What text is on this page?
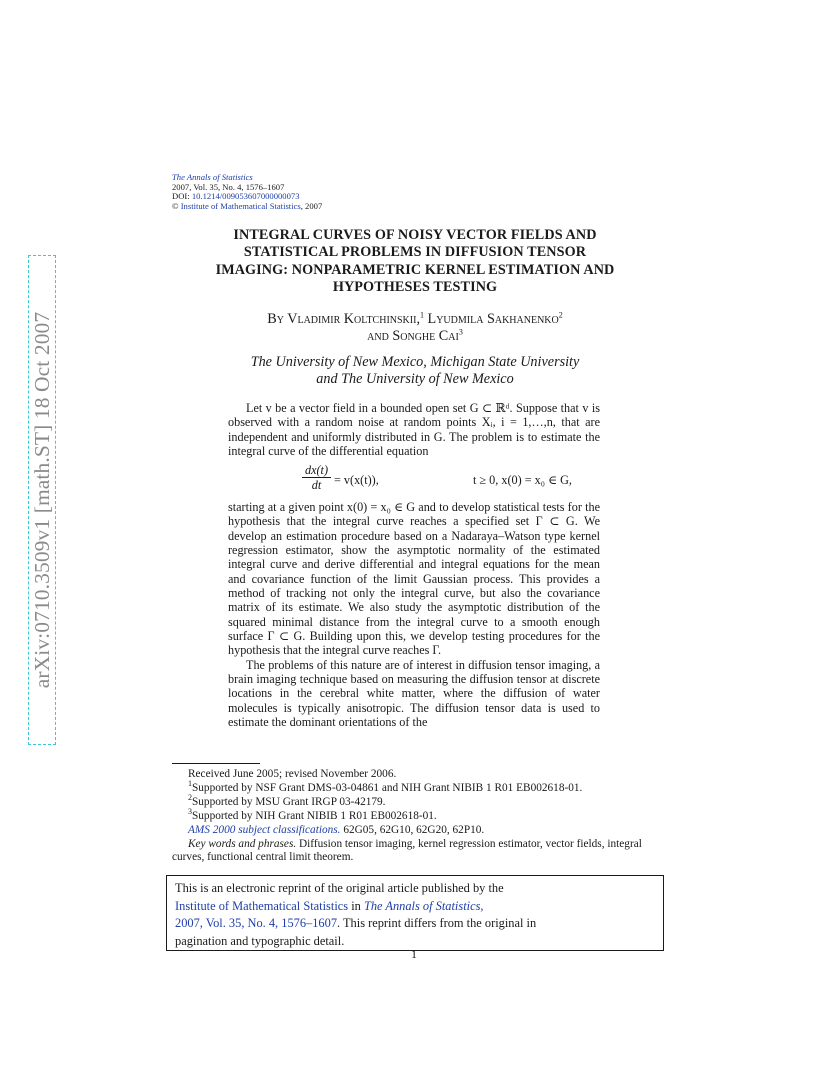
arXiv:0710.3509v1 [math.ST] 18 Oct 2007
The Annals of Statistics
2007, Vol. 35, No. 4, 1576–1607
DOI: 10.1214/009053607000000073
© Institute of Mathematical Statistics, 2007
INTEGRAL CURVES OF NOISY VECTOR FIELDS AND
STATISTICAL PROBLEMS IN DIFFUSION TENSOR
IMAGING: NONPARAMETRIC KERNEL ESTIMATION AND
HYPOTHESES TESTING
By Vladimir Koltchinskii,$^1$ Lyudmila Sakhanenko$^2$
and Songhe Cai$^3$
The University of New Mexico, Michigan State University
and The University of New Mexico

Let v be a vector field in a bounded open set G ⊂ ℝᵈ. Suppose that v is observed with a random noise at random points Xᵢ, i = 1,…,n, that are independent and uniformly distributed in G. The problem is to estimate the integral curve of the differential equation

$\frac{dx(t)}{dt} = v(x(t))$,	t ≥ 0, x(0) = x₀ ∈ G,

starting at a given point x(0) = x₀ ∈ G and to develop statistical tests for the hypothesis that the integral curve reaches a specified set Γ ⊂ G. We develop an estimation procedure based on a Nadaraya–Watson type kernel regression estimator, show the asymptotic normality of the estimated integral curve and derive differential and integral equations for the mean and covariance function of the limit Gaussian process. This provides a method of tracking not only the integral curve, but also the covariance matrix of its estimate. We also study the asymptotic distribution of the squared minimal distance from the integral curve to a smooth enough surface Γ ⊂ G. Building upon this, we develop testing procedures for the hypothesis that the integral curve reaches Γ.

The problems of this nature are of interest in diffusion tensor imaging, a brain imaging technique based on measuring the diffusion tensor at discrete locations in the cerebral white matter, where the diffusion of water molecules is typically anisotropic. The diffusion tensor data is used to estimate the dominant orientations of the

Received June 2005; revised November 2006.
$^1$Supported by NSF Grant DMS-03-04861 and NIH Grant NIBIB 1 R01 EB002618-01.
$^2$Supported by MSU Grant IRGP 03-42179.
$^3$Supported by NIH Grant NIBIB 1 R01 EB002618-01.
AMS 2000 subject classifications. 62G05, 62G10, 62G20, 62P10.
Key words and phrases. Diffusion tensor imaging, kernel regression estimator, vector fields, integral curves, functional central limit theorem.
This is an electronic reprint of the original article published by the
Institute of Mathematical Statistics in The Annals of Statistics,
2007, Vol. 35, No. 4, 1576–1607. This reprint differs from the original in
pagination and typographic detail.
1
